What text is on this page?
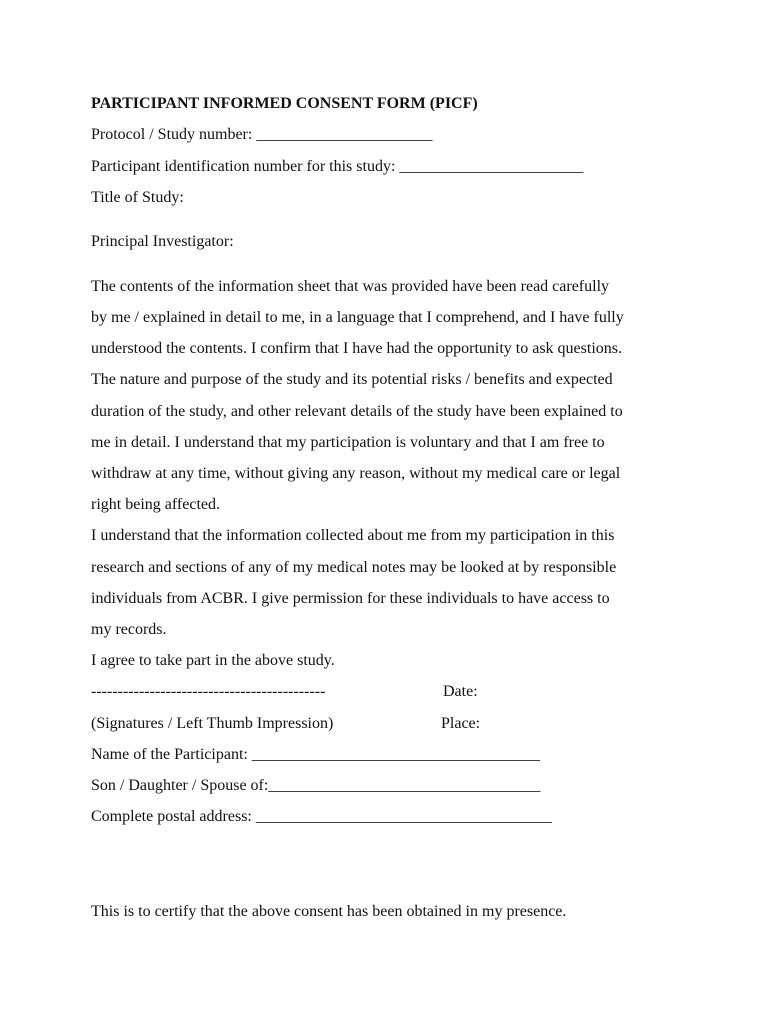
PARTICIPANT INFORMED CONSENT FORM (PICF)
Protocol / Study number: ______________________
Participant identification number for this study: _______________________
Title of Study:
Principal Investigator:
The contents of the information sheet that was provided have been read carefully
by me / explained in detail to me, in a language that I comprehend, and I have fully
understood the contents. I confirm that I have had the opportunity to ask questions.
The nature and purpose of the study and its potential risks / benefits and expected
duration of the study, and other relevant details of the study have been explained to
me in detail. I understand that my participation is voluntary and that I am free to
withdraw at any time, without giving any reason, without my medical care or legal
right being affected.
I understand that the information collected about me from my participation in this
research and sections of any of my medical notes may be looked at by responsible
individuals from ACBR. I give permission for these individuals to have access to
my records.
I agree to take part in the above study.
--------------------------------------------	Date:
(Signatures / Left Thumb Impression)	Place:
Name of the Participant: ____________________________________
Son / Daughter / Spouse of:__________________________________
Complete postal address: _____________________________________
This is to certify that the above consent has been obtained in my presence.
